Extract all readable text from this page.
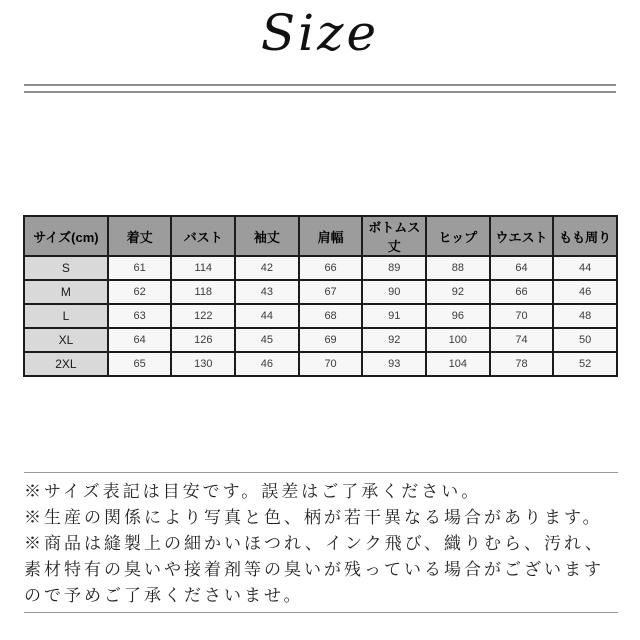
Size
サイズ(cm)	着丈	バスト	袖丈	肩幅	ボトムス丈	ヒップ	ウエスト	もも周り
S	61	114	42	66	89	88	64	44
M	62	118	43	67	90	92	66	46
L	63	122	44	68	91	96	70	48
XL	64	126	45	69	92	100	74	50
2XL	65	130	46	70	93	104	78	52
※サイズ表記は目安です。誤差はご了承ください。
※生産の関係により写真と色、柄が若干異なる場合があります。
※商品は縫製上の細かいほつれ、インク飛び、織りむら、汚れ、
素材特有の臭いや接着剤等の臭いが残っている場合がございます
ので予めご了承くださいませ。
